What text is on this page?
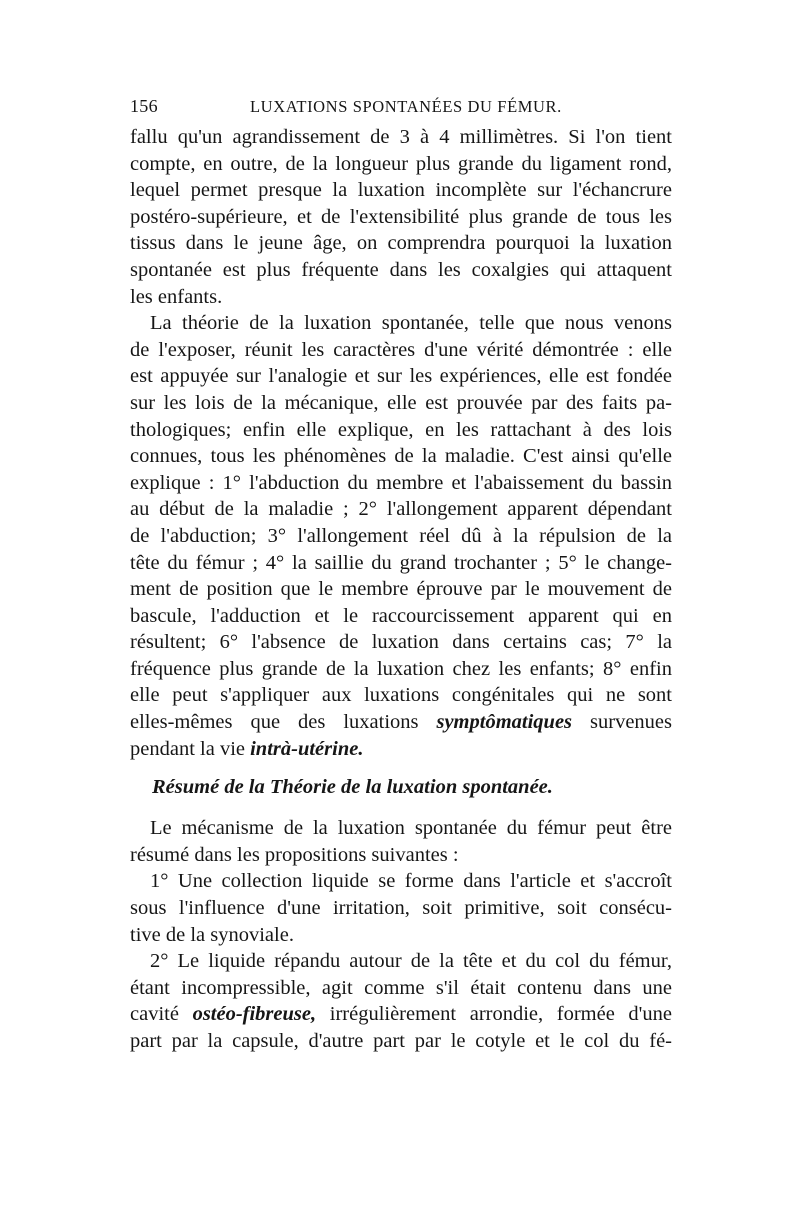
156	LUXATIONS SPONTANÉES DU FÉMUR.

fallu qu'un agrandissement de 3 à 4 millimètres. Si l'on tient
compte, en outre, de la longueur plus grande du ligament rond,
lequel permet presque la luxation incomplète sur l'échancrure
postéro-supérieure, et de l'extensibilité plus grande de tous les
tissus dans le jeune âge, on comprendra pourquoi la luxation
spontanée est plus fréquente dans les coxalgies qui attaquent
les enfants.

La théorie de la luxation spontanée, telle que nous venons
de l'exposer, réunit les caractères d'une vérité démontrée : elle
est appuyée sur l'analogie et sur les expériences, elle est fondée
sur les lois de la mécanique, elle est prouvée par des faits pa-
thologiques; enfin elle explique, en les rattachant à des lois
connues, tous les phénomènes de la maladie. C'est ainsi qu'elle
explique : 1° l'abduction du membre et l'abaissement du bassin
au début de la maladie ; 2° l'allongement apparent dépendant
de l'abduction; 3° l'allongement réel dû à la répulsion de la
tête du fémur ; 4° la saillie du grand trochanter ; 5° le change-
ment de position que le membre éprouve par le mouvement de
bascule, l'adduction et le raccourcissement apparent qui en
résultent; 6° l'absence de luxation dans certains cas; 7° la
fréquence plus grande de la luxation chez les enfants; 8° enfin
elle peut s'appliquer aux luxations congénitales qui ne sont
elles-mêmes que des luxations symptômatiques survenues
pendant la vie intrà-utérine.

Résumé de la Théorie de la luxation spontanée.

Le mécanisme de la luxation spontanée du fémur peut être
résumé dans les propositions suivantes :

1° Une collection liquide se forme dans l'article et s'accroît
sous l'influence d'une irritation, soit primitive, soit consécu-
tive de la synoviale.

2° Le liquide répandu autour de la tête et du col du fémur,
étant incompressible, agit comme s'il était contenu dans une
cavité ostéo-fibreuse, irrégulièrement arrondie, formée d'une
part par la capsule, d'autre part par le cotyle et le col du fé-
